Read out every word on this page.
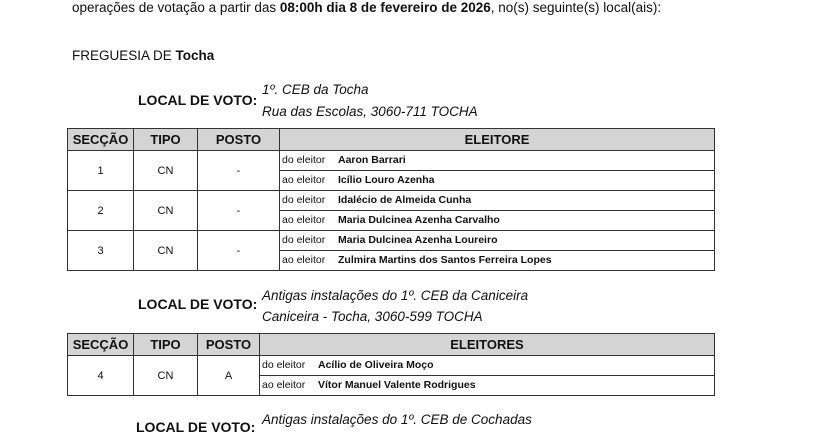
operações de votação a partir das 08:00h dia 8 de fevereiro de 2026, no(s) seguinte(s) local(ais):
FREGUESIA DE Tocha
LOCAL DE VOTO:
1º. CEB da Tocha
Rua das Escolas, 3060-711 TOCHA
SECÇÃO	TIPO	POSTO	ELEITORE
1	CN	-	do eleitor Aaron Barrari
ao eleitor Icílio Louro Azenha

2	CN	-	do eleitor Idalécio de Almeida Cunha
ao eleitor Maria Dulcinea Azenha Carvalho

3	CN	-	do eleitor Maria Dulcinea Azenha Loureiro
ao eleitor Zulmira Martins dos Santos Ferreira Lopes
LOCAL DE VOTO:
Antigas instalações do 1º. CEB da Caniceira
Caniceira - Tocha, 3060-599 TOCHA
SECÇÃO	TIPO	POSTO	ELEITORES
4	CN	A	do eleitor Acílio de Oliveira Moço
ao eleitor Vítor Manuel Valente Rodrigues
LOCAL DE VOTO: Antigas instalações do 1º. CEB de Cochadas
